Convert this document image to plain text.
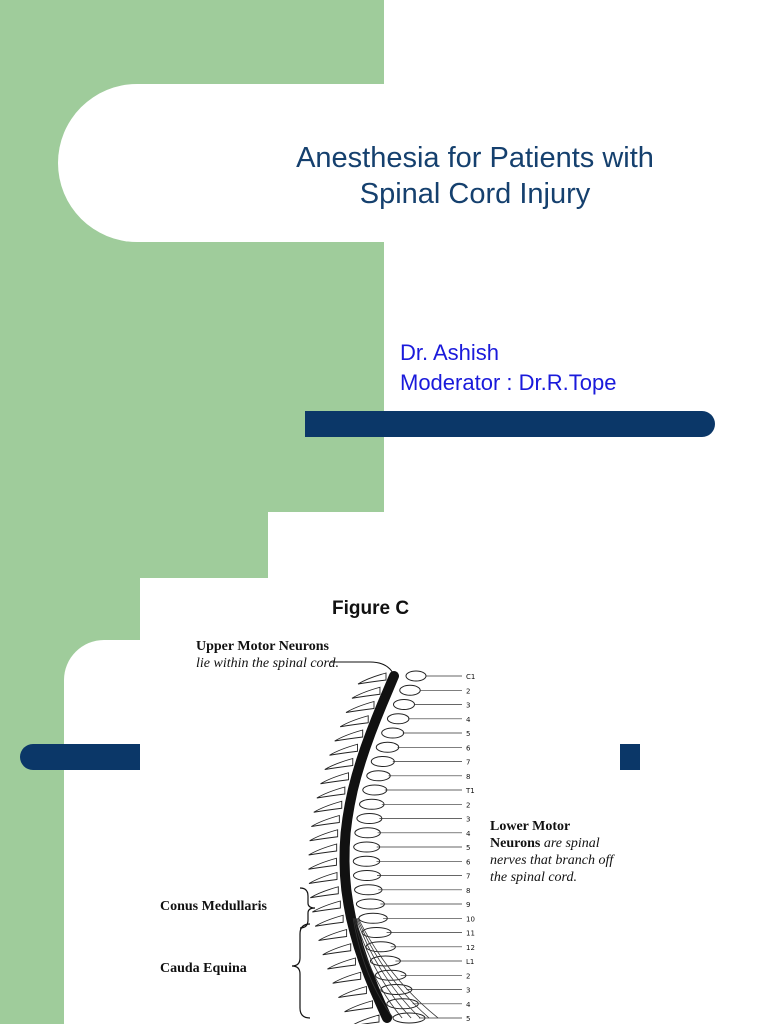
Anesthesia for Patients with
Spinal Cord Injury
Dr. Ashish
Moderator : Dr.R.Tope
Figure C
Upper Motor Neurons lie within the spinal cord.
Lower Motor Neurons are spinal nerves that branch off the spinal cord.
Conus Medullaris
Cauda Equina
C1
2
3
4
5
6
7
8
T1
2
3
4
5
6
7
8
9
10
11
12
L1
2
3
4
5
